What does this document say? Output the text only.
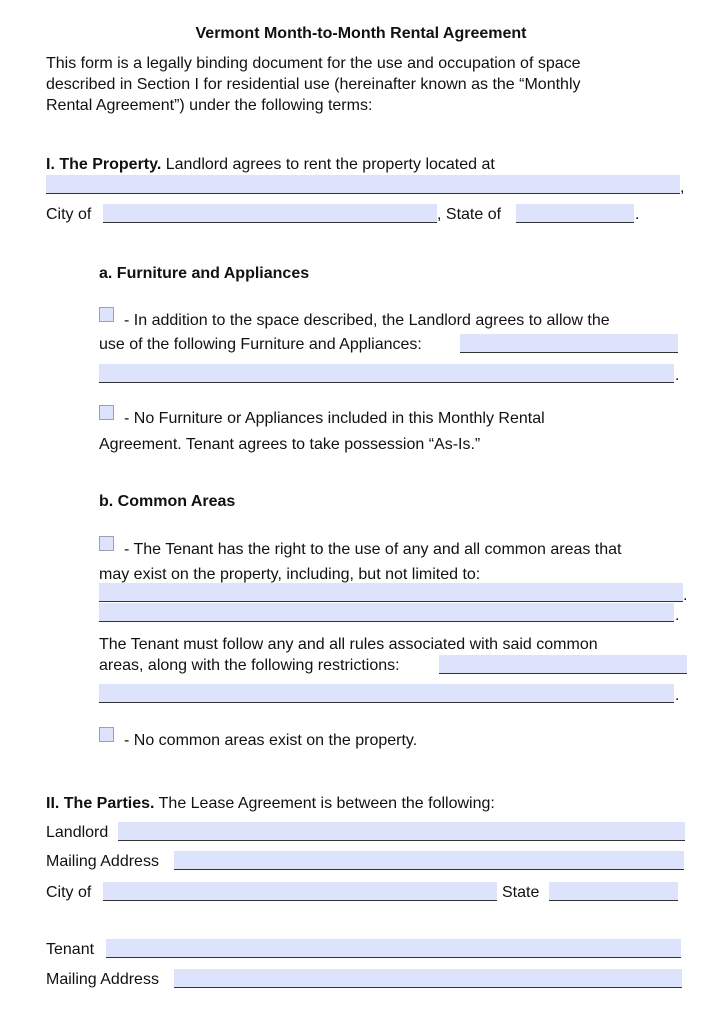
Vermont Month-to-Month Rental Agreement
This form is a legally binding document for the use and occupation of space
described in Section I for residential use (hereinafter known as the “Monthly
Rental Agreement”) under the following terms:
I. The Property. Landlord agrees to rent the property located at
,
City of	, State of	.
a. Furniture and Appliances
- In addition to the space described, the Landlord agrees to allow the
use of the following Furniture and Appliances:
.
- No Furniture or Appliances included in this Monthly Rental
Agreement. Tenant agrees to take possession “As-Is.”
b. Common Areas
- The Tenant has the right to the use of any and all common areas that
may exist on the property, including, but not limited to:
.
.
The Tenant must follow any and all rules associated with said common
areas, along with the following restrictions:
.
- No common areas exist on the property.
II. The Parties. The Lease Agreement is between the following:
Landlord
Mailing Address
City of	State
Tenant
Mailing Address
